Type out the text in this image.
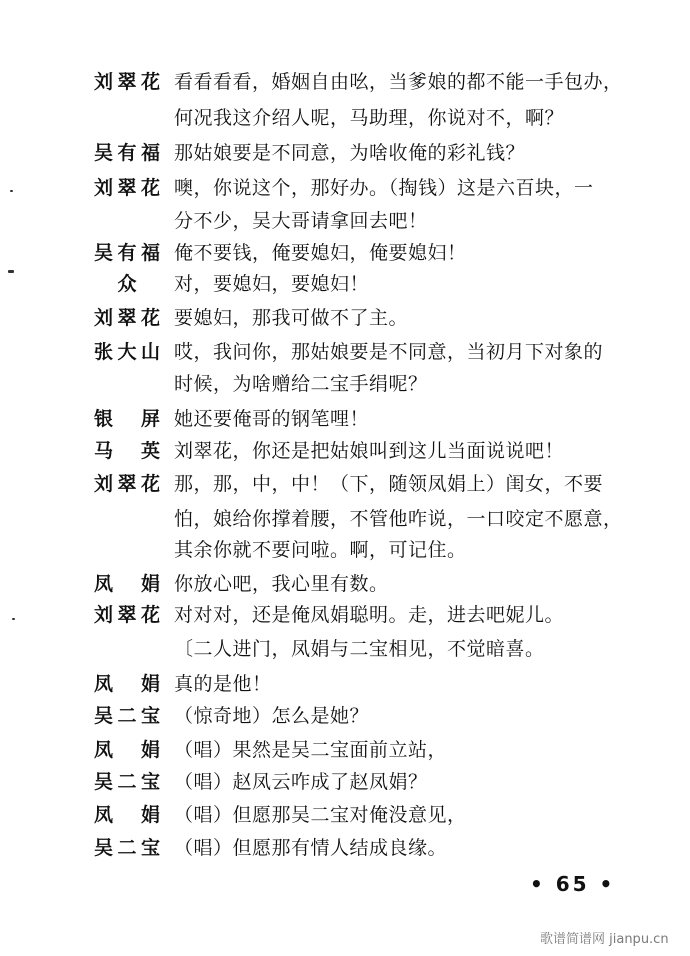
刘翠花 看看看看，婚姻自由吆，当爹娘的都不能一手包办，
何况我这介绍人呢，马助理，你说对不，啊？
吴有福 那姑娘要是不同意，为啥收俺的彩礼钱？
刘翠花 噢，你说这个，那好办。（掏钱）这是六百块，一
分不少，吴大哥请拿回去吧！
吴有福 俺不要钱，俺要媳妇，俺要媳妇！
众	对，要媳妇，要媳妇！
刘翠花 要媳妇，那我可做不了主。
张大山 哎，我问你，那姑娘要是不同意，当初月下对象的
时候，为啥赠给二宝手绢呢？
银 屏 她还要俺哥的钢笔哩！
马 英 刘翠花，你还是把姑娘叫到这儿当面说说吧！
刘翠花 那，那，中，中！（下，随领凤娟上）闺女，不要
怕，娘给你撑着腰，不管他咋说，一口咬定不愿意，
其余你就不要问啦。啊，可记住。
凤 娟 你放心吧，我心里有数。
刘翠花 对对对，还是俺凤娟聪明。走，进去吧妮儿。
〔二人进门，凤娟与二宝相见，不觉暗喜。
凤 娟 真的是他！
吴二宝 （惊奇地）怎么是她？
凤 娟 （唱）果然是吴二宝面前立站，
吴二宝 （唱）赵凤云咋成了赵凤娟？
凤 娟 （唱）但愿那吴二宝对俺没意见，
吴二宝 （唱）但愿那有情人结成良缘。
• 65 •
歌谱简谱网 jianpu.cn
